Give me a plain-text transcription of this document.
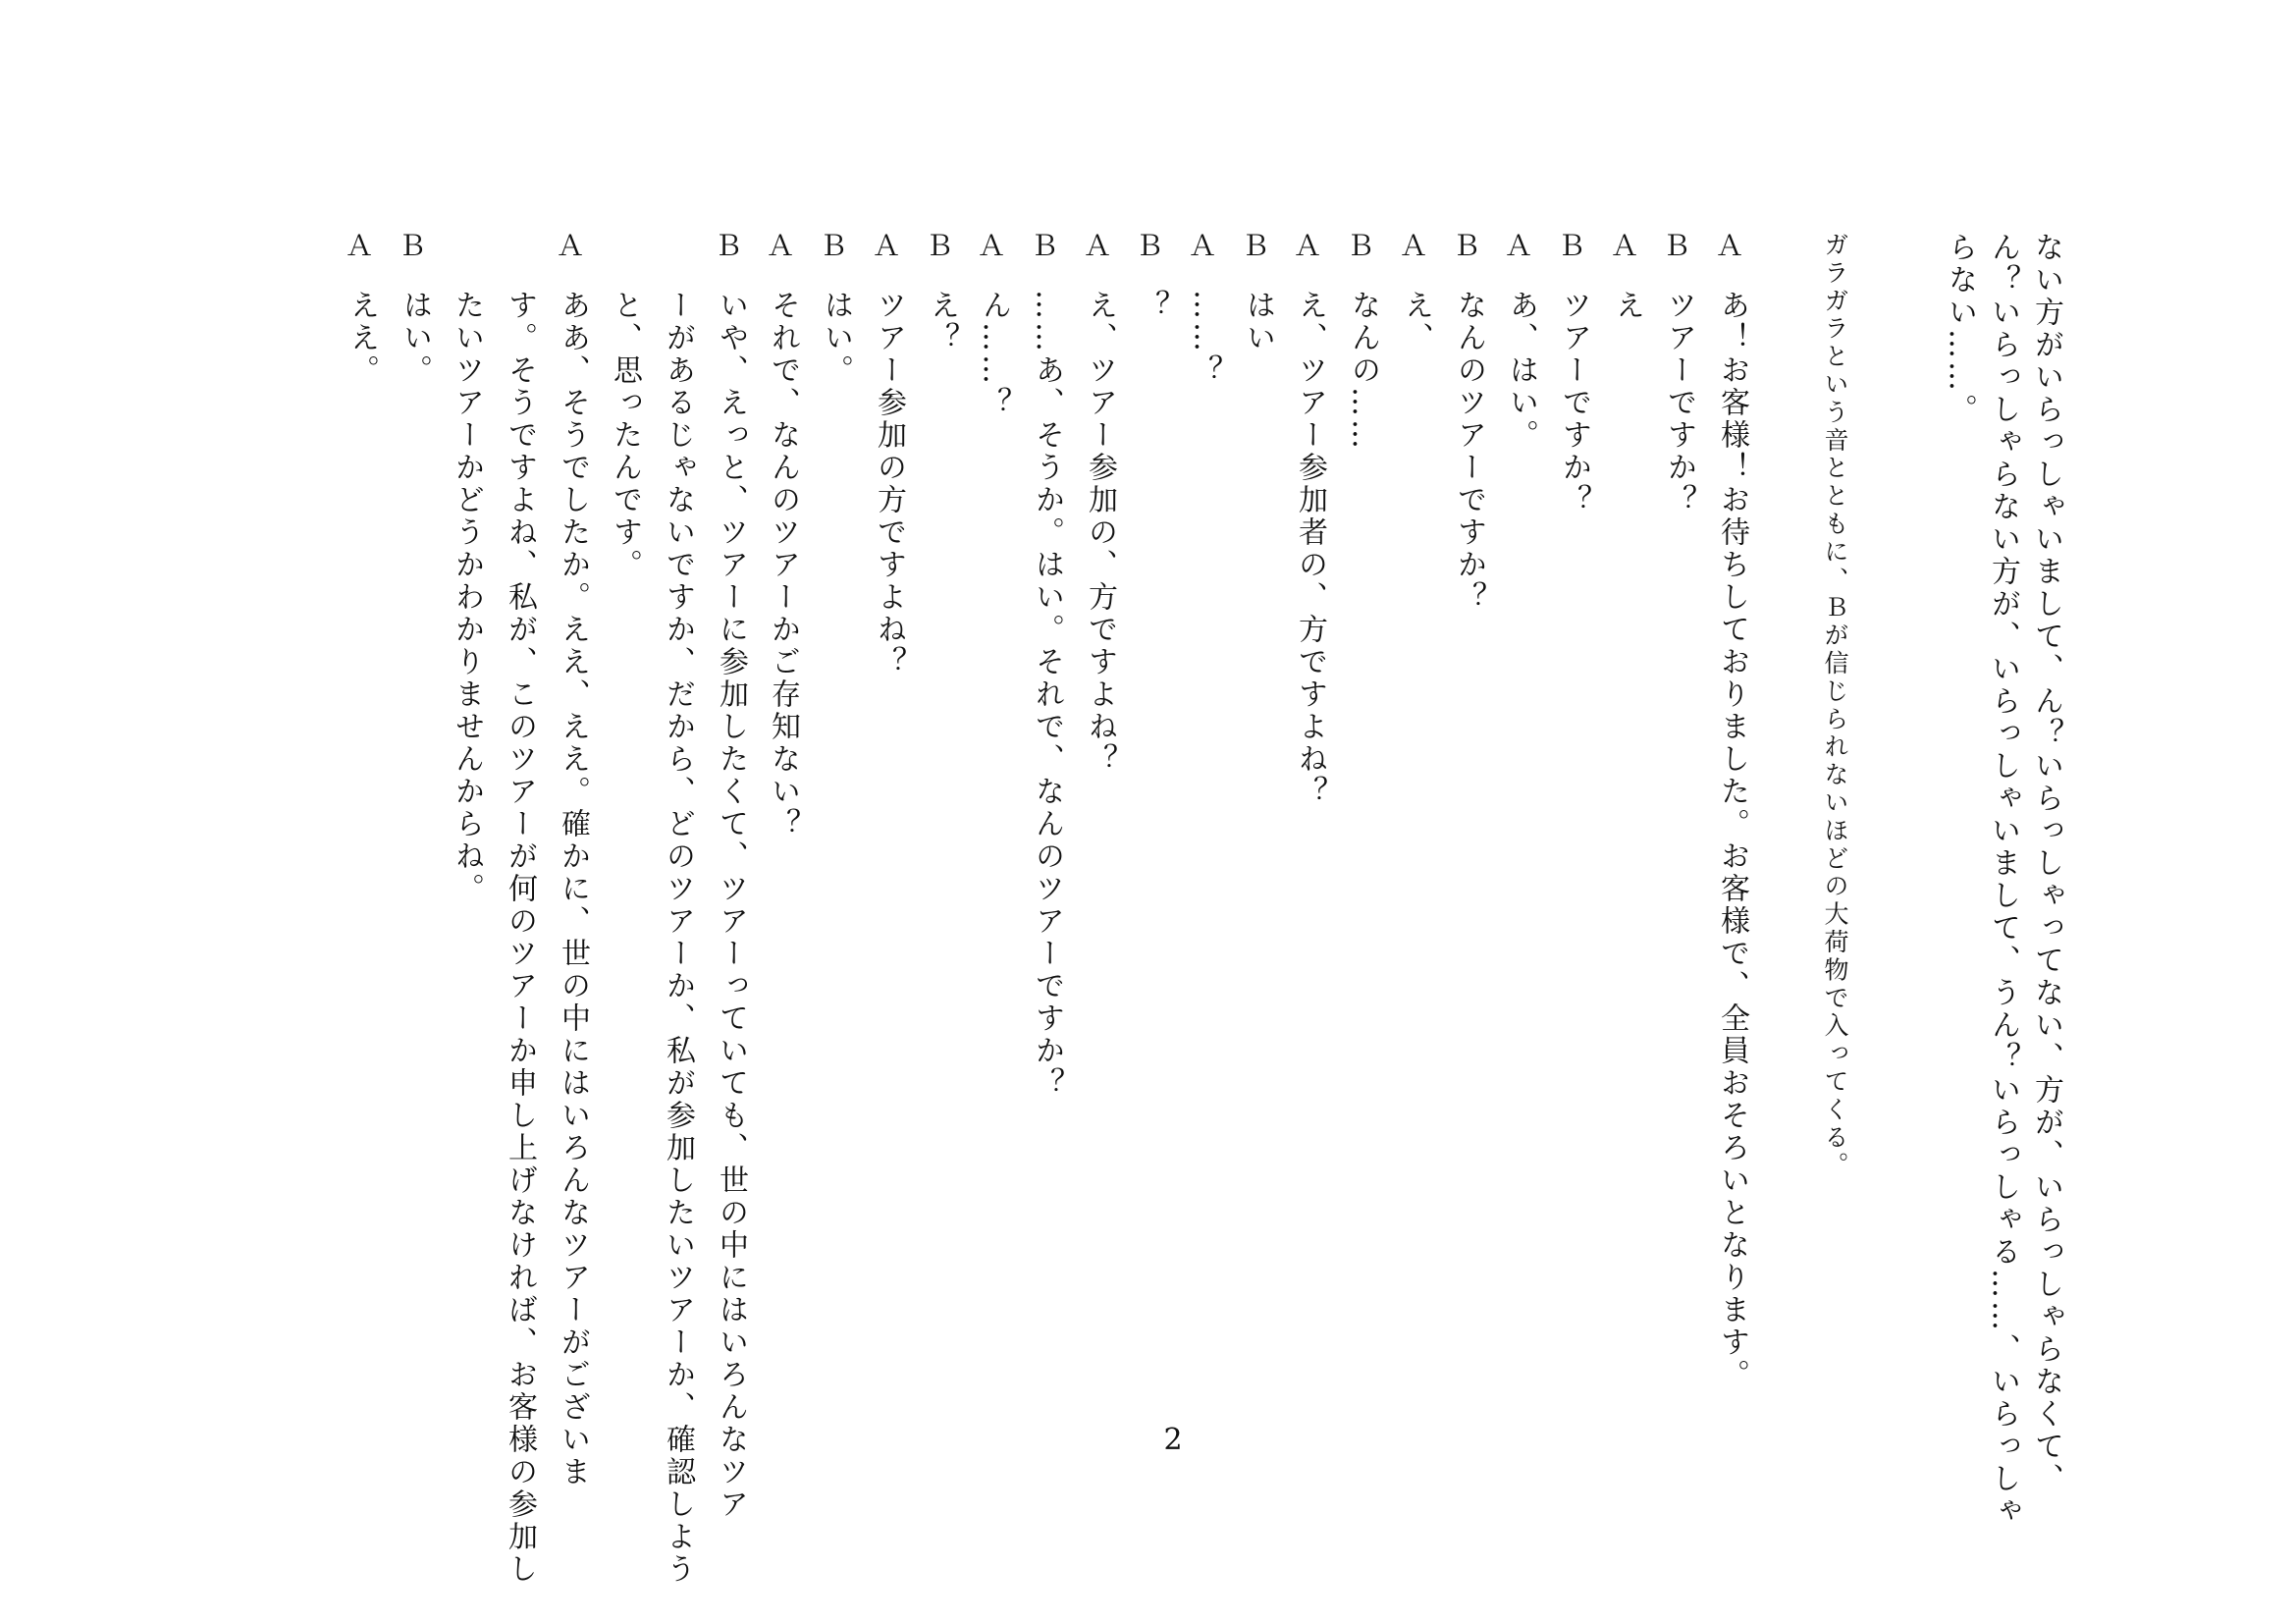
ない方がいらっしゃいまして、ん？いらっしゃってない、方が、いらっしゃらなくて、
ん？いらっしゃらない方が、いらっしゃいまして、うん？いらっしゃる……、いらっしゃ
らない……。
ガラガラという音とともに、Ｂが信じられないほどの大荷物で入ってくる。
Ａ
あ！お客様！お待ちしておりました。お客様で、全員おそろいとなります。
Ｂ
ツアーですか？
Ａ
え
Ｂ
ツアーですか？
Ａ
あ、はい。
Ｂ
なんのツアーですか？
Ａ
え、
Ｂ
なんの……
Ａ
え、ツアー参加者の、方ですよね？
Ｂ
はい
Ａ
……？
Ｂ
？
Ａ
え、ツアー参加の、方ですよね？
Ｂ
……あ、そうか。はい。それで、なんのツアーですか？
Ａ
ん……？
Ｂ
え？
Ａ
ツアー参加の方ですよね？
Ｂ
はい。
Ａ
それで、なんのツアーかご存知ない？
Ｂ
いや、えっと、ツアーに参加したくて、ツアーっていても、世の中にはいろんなツア
ーがあるじゃないですか、だから、どのツアーか、私が参加したいツアーか、確認しよう
と、思ったんです。
Ａ
ああ、そうでしたか。ええ、ええ。確かに、世の中にはいろんなツアーがございま
す。そうですよね、私が、このツアーが何のツアーか申し上げなければ、お客様の参加し
たいツアーかどうかわかりませんからね。
Ｂ
はい。
Ａ
ええ。
2
